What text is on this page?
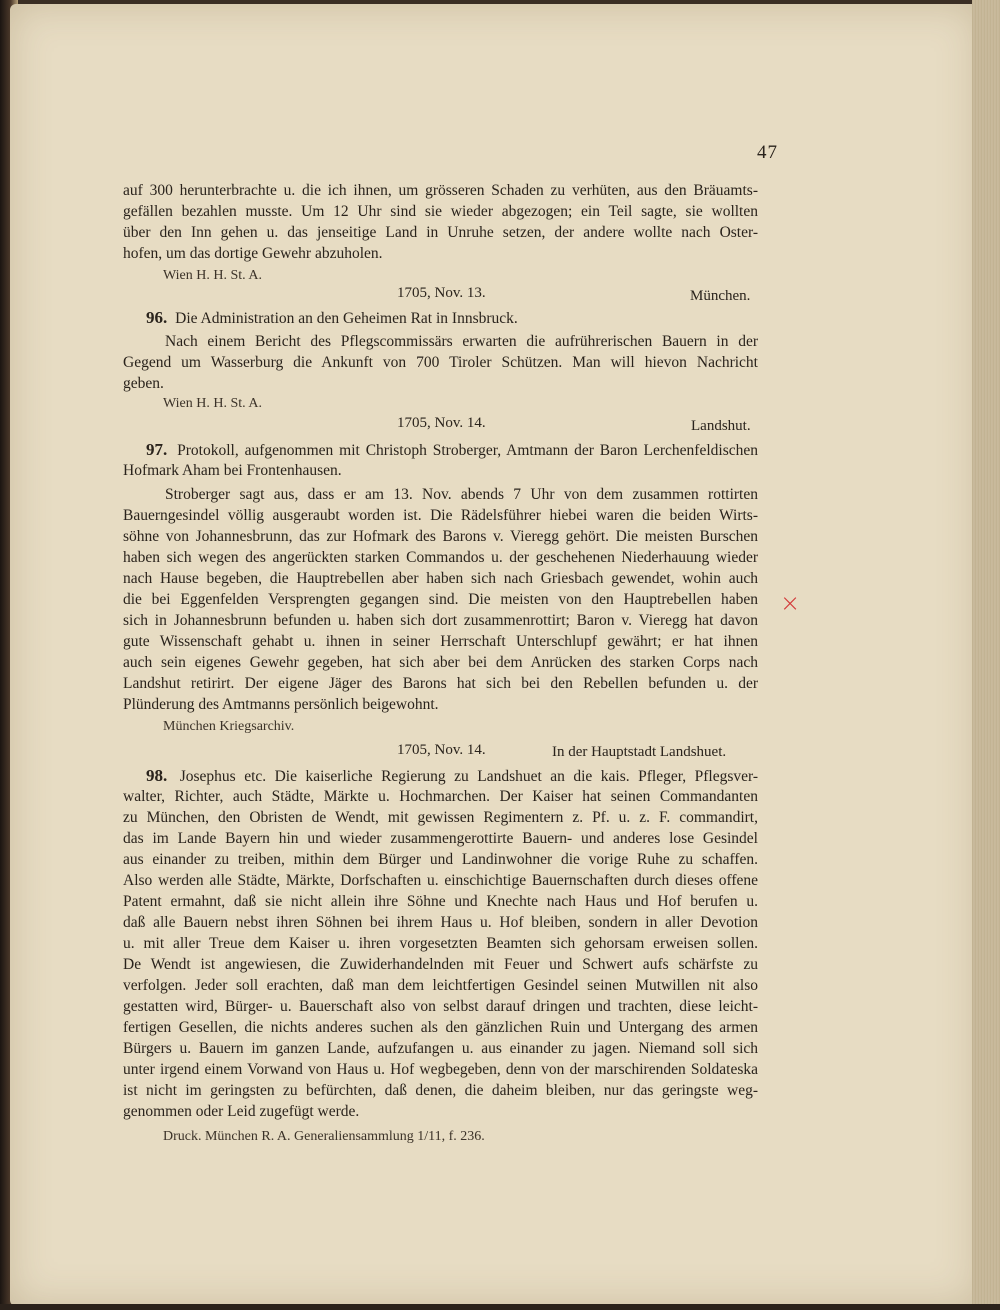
47
auf 300 herunterbrachte u. die ich ihnen, um grösseren Schaden zu verhüten, aus den Bräuamts-
gefällen bezahlen musste. Um 12 Uhr sind sie wieder abgezogen; ein Teil sagte, sie wollten
über den Inn gehen u. das jenseitige Land in Unruhe setzen, der andere wollte nach Oster-
hofen, um das dortige Gewehr abzuholen.
Wien H. H. St. A.
1705, Nov. 13.	München.
96. Die Administration an den Geheimen Rat in Innsbruck.
Nach einem Bericht des Pflegscommissärs erwarten die aufrührerischen Bauern in der
Gegend um Wasserburg die Ankunft von 700 Tiroler Schützen. Man will hievon Nachricht
geben.
Wien H. H. St. A.
1705, Nov. 14.	Landshut.
97. Protokoll, aufgenommen mit Christoph Stroberger, Amtmann der Baron Lerchenfeldischen
Hofmark Aham bei Frontenhausen.
Stroberger sagt aus, dass er am 13. Nov. abends 7 Uhr von dem zusammen rottirten
Bauerngesindel völlig ausgeraubt worden ist. Die Rädelsführer hiebei waren die beiden Wirts-
söhne von Johannesbrunn, das zur Hofmark des Barons v. Vieregg gehört. Die meisten Burschen
haben sich wegen des angerückten starken Commandos u. der geschehenen Niederhauung wieder
nach Hause begeben, die Hauptrebellen aber haben sich nach Griesbach gewendet, wohin auch
die bei Eggenfelden Versprengten gegangen sind. Die meisten von den Hauptrebellen haben
sich in Johannesbrunn befunden u. haben sich dort zusammenrottirt; Baron v. Vieregg hat davon
gute Wissenschaft gehabt u. ihnen in seiner Herrschaft Unterschlupf gewährt; er hat ihnen
auch sein eigenes Gewehr gegeben, hat sich aber bei dem Anrücken des starken Corps nach
Landshut retirirt. Der eigene Jäger des Barons hat sich bei den Rebellen befunden u. der
Plünderung des Amtmanns persönlich beigewohnt.
München Kriegsarchiv.
×
1705, Nov. 14.	In der Hauptstadt Landshuet.
98. Josephus etc. Die kaiserliche Regierung zu Landshuet an die kais. Pfleger, Pflegsver-
walter, Richter, auch Städte, Märkte u. Hochmarchen. Der Kaiser hat seinen Commandanten
zu München, den Obristen de Wendt, mit gewissen Regimentern z. Pf. u. z. F. commandirt,
das im Lande Bayern hin und wieder zusammengerottirte Bauern- und anderes lose Gesindel
aus einander zu treiben, mithin dem Bürger und Landinwohner die vorige Ruhe zu schaffen.
Also werden alle Städte, Märkte, Dorfschaften u. einschichtige Bauernschaften durch dieses offene
Patent ermahnt, daß sie nicht allein ihre Söhne und Knechte nach Haus und Hof berufen u.
daß alle Bauern nebst ihren Söhnen bei ihrem Haus u. Hof bleiben, sondern in aller Devotion
u. mit aller Treue dem Kaiser u. ihren vorgesetzten Beamten sich gehorsam erweisen sollen.
De Wendt ist angewiesen, die Zuwiderhandelnden mit Feuer und Schwert aufs schärfste zu
verfolgen. Jeder soll erachten, daß man dem leichtfertigen Gesindel seinen Mutwillen nit also
gestatten wird, Bürger- u. Bauerschaft also von selbst darauf dringen und trachten, diese leicht-
fertigen Gesellen, die nichts anderes suchen als den gänzlichen Ruin und Untergang des armen
Bürgers u. Bauern im ganzen Lande, aufzufangen u. aus einander zu jagen. Niemand soll sich
unter irgend einem Vorwand von Haus u. Hof wegbegeben, denn von der marschirenden Soldateska
ist nicht im geringsten zu befürchten, daß denen, die daheim bleiben, nur das geringste weg-
genommen oder Leid zugefügt werde.
Druck. München R. A. Generaliensammlung 1/11, f. 236.
